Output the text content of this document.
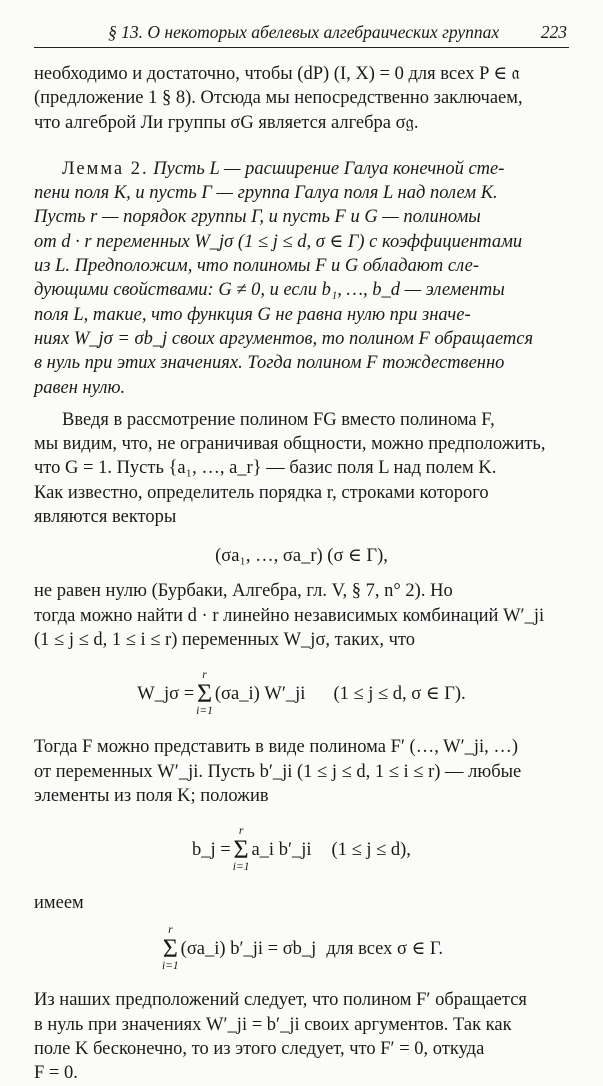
§ 13. О некоторых абелевых алгебраических группах 223
необходимо и достаточно, чтобы (dP) (I, X) = 0 для всех P ∈ 𝔞
(предложение 1 § 8). Отсюда мы непосредственно заключаем,
что алгеброй Ли группы σG является алгебра σ𝔤.
Лемма 2. Пусть L — расширение Галуа конечной сте-
пени поля K, и пусть Γ — группа Галуа поля L над полем K.
Пусть r — порядок группы Γ, и пусть F и G — полиномы
от d · r переменных W_jσ (1 ≤ j ≤ d, σ ∈ Γ) с коэффициентами
из L. Предположим, что полиномы F и G обладают сле-
дующими свойствами: G ≠ 0, и если b₁, …, b_d — элементы
поля L, такие, что функция G не равна нулю при значе-
ниях W_jσ = σb_j своих аргументов, то полином F обращается
в нуль при этих значениях. Тогда полином F тождественно
равен нулю.
Введя в рассмотрение полином FG вместо полинома F,
мы видим, что, не ограничивая общности, можно предположить,
что G = 1. Пусть {a₁, …, a_r} — базис поля L над полем K.
Как известно, определитель порядка r, строками которого
являются векторы
(σa₁, …, σa_r) (σ ∈ Γ),
не равен нулю (Бурбаки, Алгебра, гл. V, § 7, n° 2). Но
тогда можно найти d · r линейно независимых комбинаций W′_ji
(1 ≤ j ≤ d, 1 ≤ i ≤ r) переменных W_jσ, таких, что
W_jσ =
r
Σ
i=1
(σa_i) W′_ji (1 ≤ j ≤ d, σ ∈ Γ).
Тогда F можно представить в виде полинома F′ (…, W′_ji, …)
от переменных W′_ji. Пусть b′_ji (1 ≤ j ≤ d, 1 ≤ i ≤ r) — любые
элементы из поля K; положив
b_j =
r
Σ
i=1
a_i b′_ji (1 ≤ j ≤ d),
имеем
r
Σ
i=1
(σa_i) b′_ji = σb_j для всех σ ∈ Γ.
Из наших предположений следует, что полином F′ обращается
в нуль при значениях W′_ji = b′_ji своих аргументов. Так как
поле K бесконечно, то из этого следует, что F′ = 0, откуда
F = 0.
